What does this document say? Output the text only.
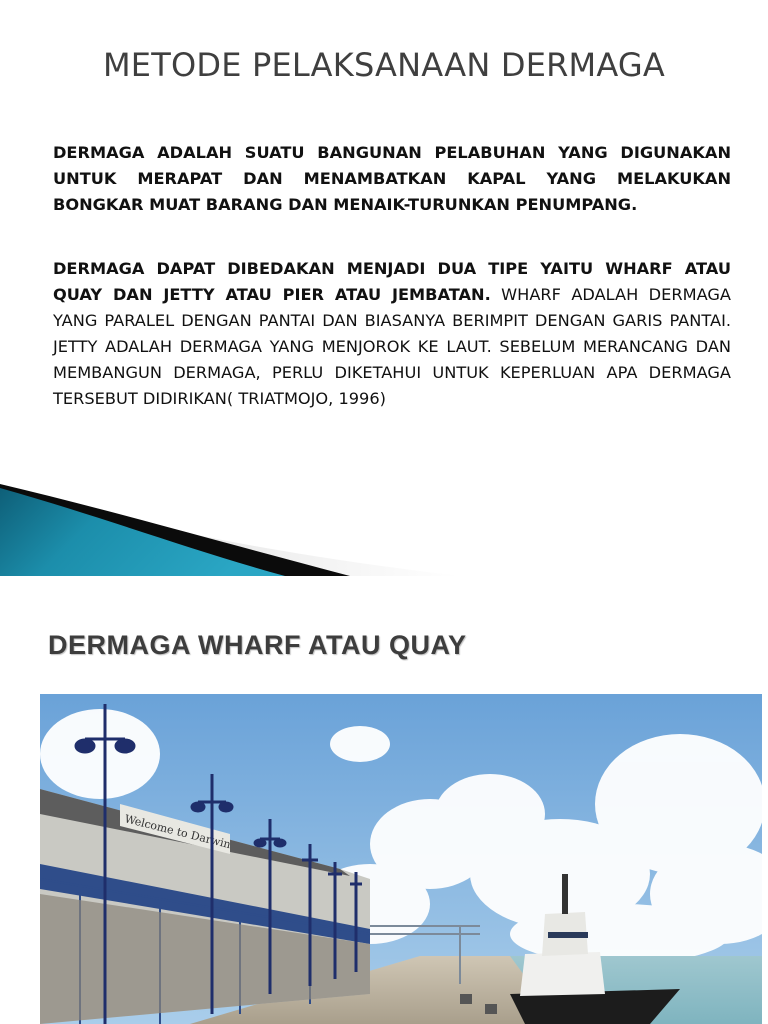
METODE PELAKSANAAN DERMAGA
DERMAGA ADALAH SUATU BANGUNAN PELABUHAN YANG DIGUNAKAN UNTUK MERAPAT DAN MENAMBATKAN KAPAL YANG MELAKUKAN BONGKAR MUAT BARANG DAN MENAIK-TURUNKAN PENUMPANG.
DERMAGA DAPAT DIBEDAKAN MENJADI DUA TIPE YAITU WHARF ATAU QUAY DAN JETTY ATAU PIER ATAU JEMBATAN. WHARF ADALAH DERMAGA YANG PARALEL DENGAN PANTAI DAN BIASANYA BERIMPIT DENGAN GARIS PANTAI. JETTY ADALAH DERMAGA YANG MENJOROK KE LAUT. SEBELUM MERANCANG DAN MEMBANGUN DERMAGA, PERLU DIKETAHUI UNTUK KEPERLUAN APA DERMAGA TERSEBUT DIDIRIKAN( TRIATMOJO, 1996)
DERMAGA WHARF ATAU QUAY
Welcome to Darwin
